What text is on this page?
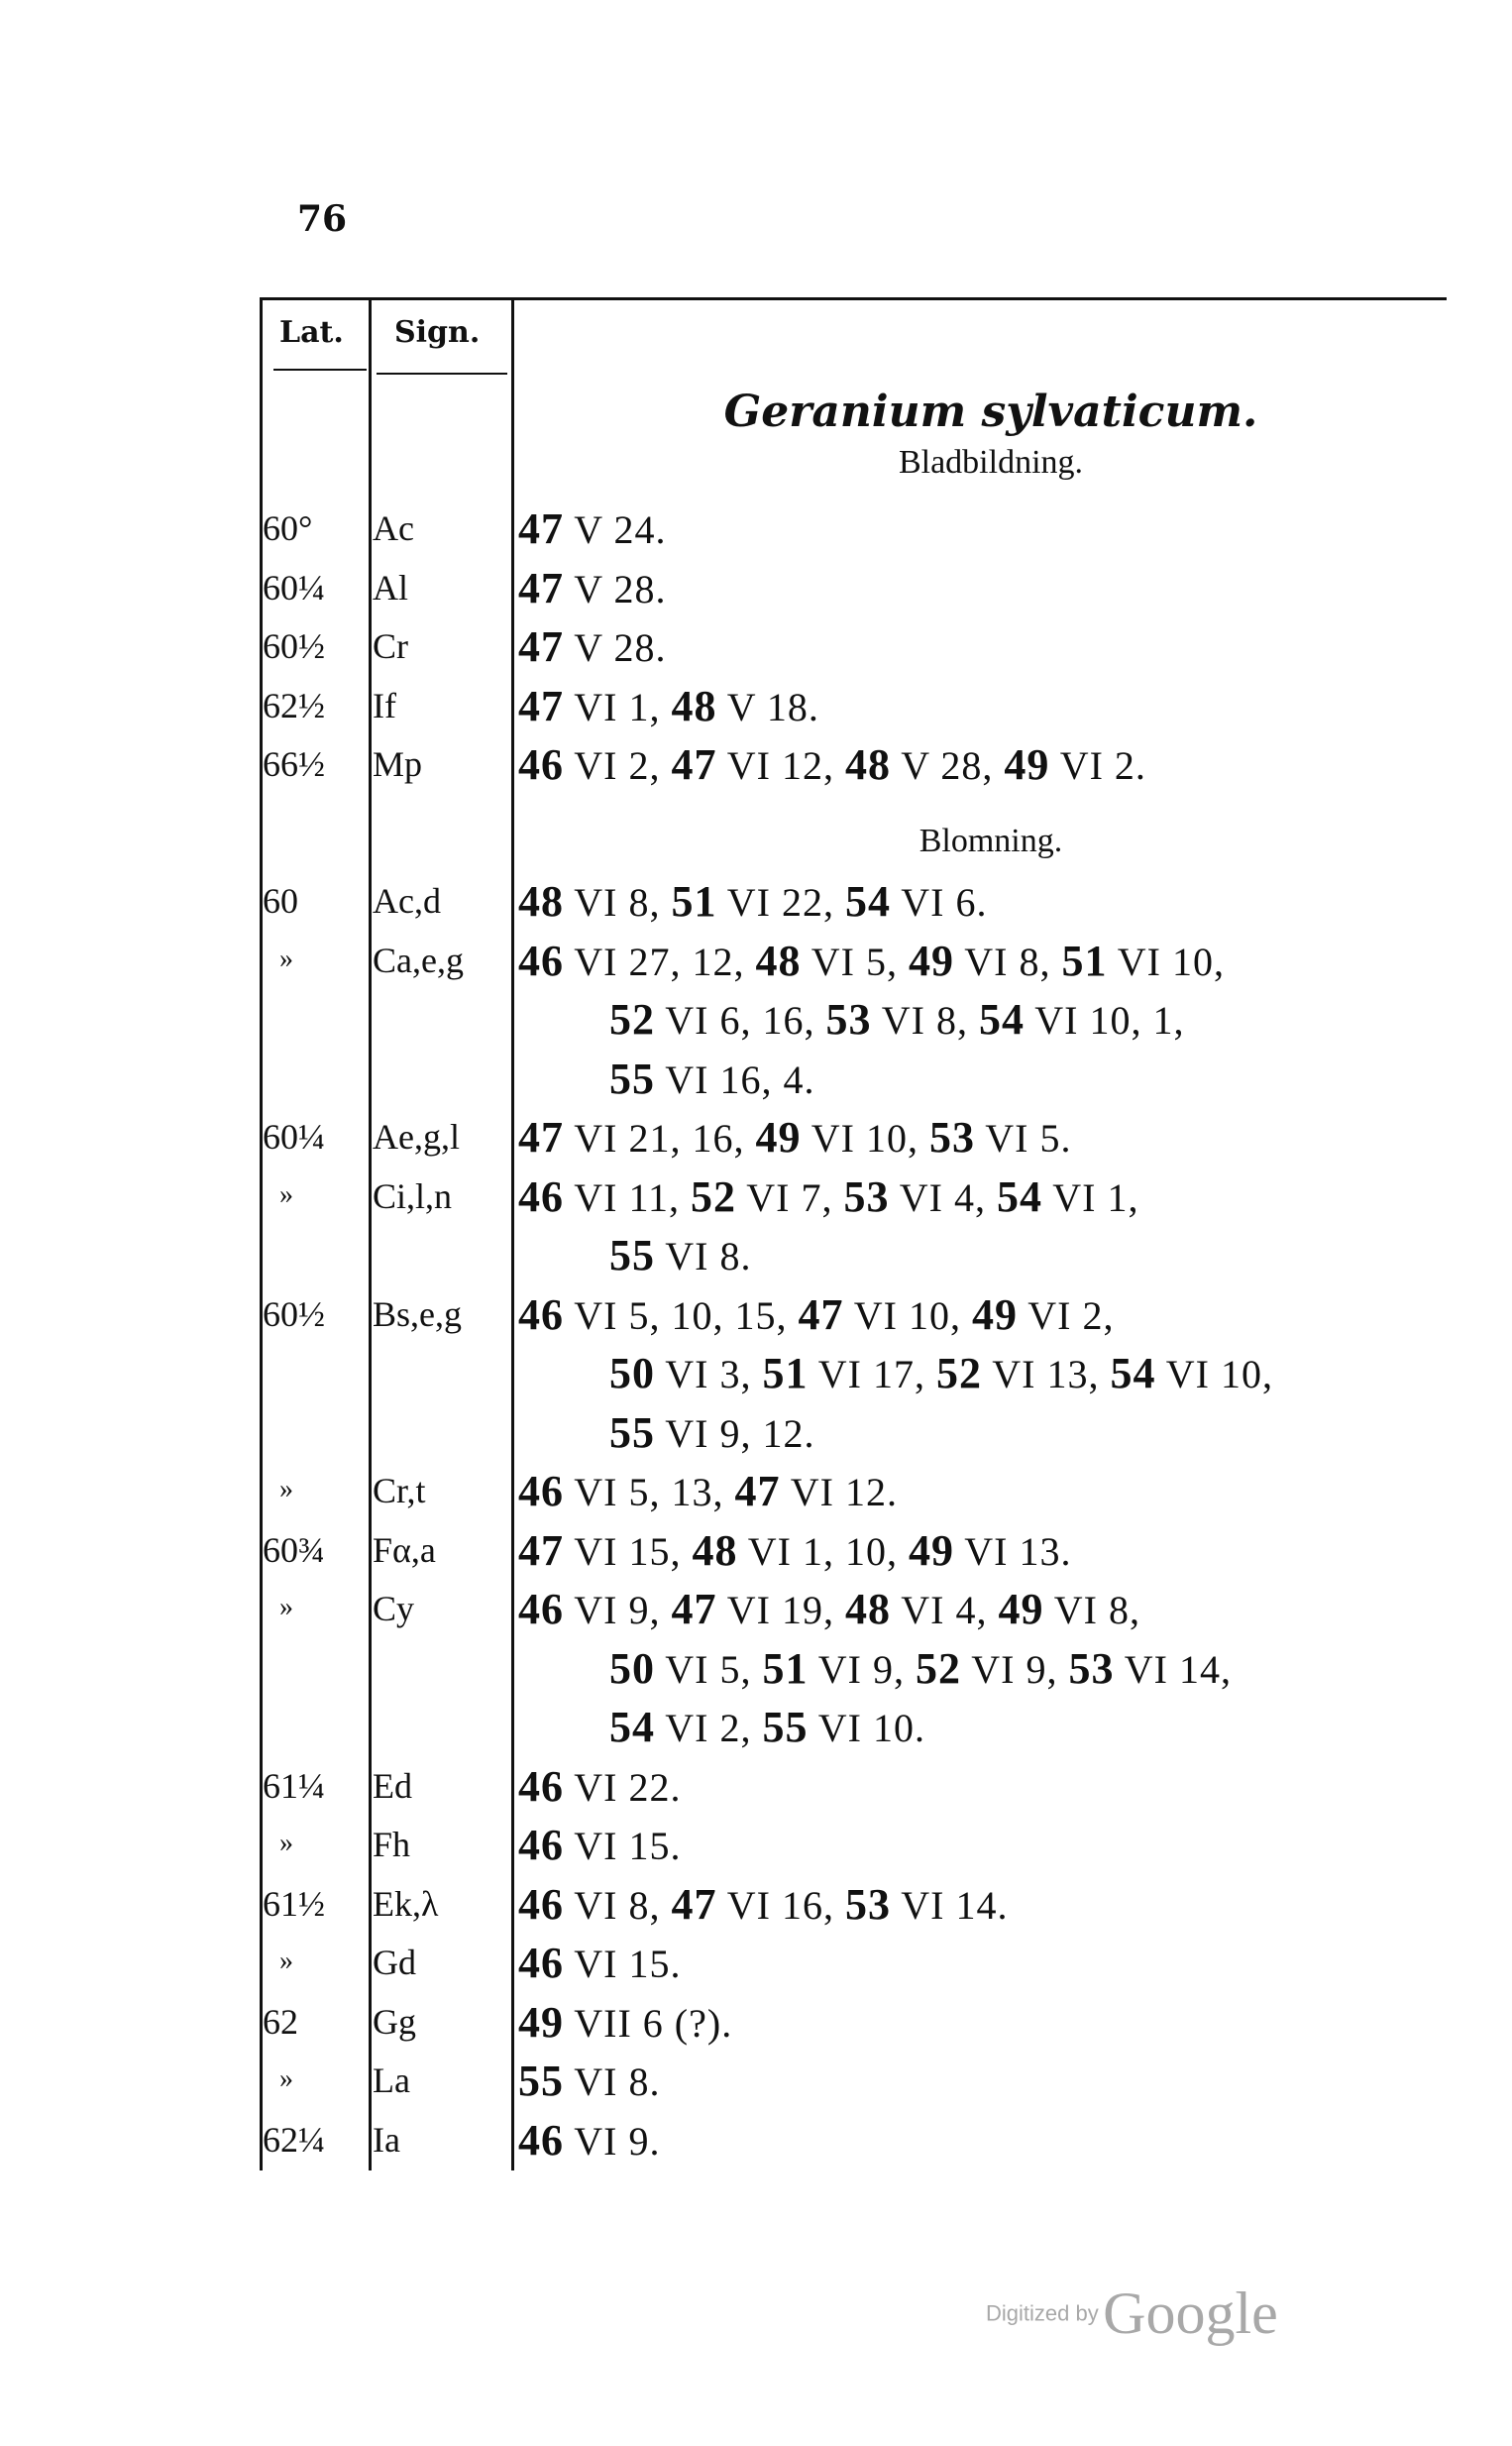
76
Lat. Sign.
Geranium sylvaticum.
Bladbildning.
60° Ac 47 V 24.
60¼ Al	47 V 28.
60½ Cr	47 V 28.
62½ If	47 VI 1, 48 V 18.
66½ Mp 46 VI 2, 47 VI 12, 48 V 28, 49 VI 2.
Blomning.
60 Ac,d 48 VI 8, 51 VI 22, 54 VI 6.
» Ca,e,g 46 VI 27, 12, 48 VI 5, 49 VI 8, 51 VI 10,
52 VI 6, 16, 53 VI 8, 54 VI 10, 1,
55 VI 16, 4.
60¼ Ae,g,l 47 VI 21, 16, 49 VI 10, 53 VI 5.
» Ci,l,n 46 VI 11, 52 VI 7, 53 VI 4, 54 VI 1,
55 VI 8.
60½ Bs,e,g 46 VI 5, 10, 15, 47 VI 10, 49 VI 2,
50 VI 3, 51 VI 17, 52 VI 13, 54 VI 10,
55 VI 9, 12.
» Cr,t 46 VI 5, 13, 47 VI 12.
60¾ Fα,a 47 VI 15, 48 VI 1, 10, 49 VI 13.
» Cy 46 VI 9, 47 VI 19, 48 VI 4, 49 VI 8,
50 VI 5, 51 VI 9, 52 VI 9, 53 VI 14,
54 VI 2, 55 VI 10.
61¼ Ed 46 VI 22.
» Fh 46 VI 15.
61½ Ek,λ 46 VI 8, 47 VI 16, 53 VI 14.
» Gd 46 VI 15.
62 Gg 49 VII 6 (?).
» La 55 VI 8.
62¼ Ia	46 VI 9.
Digitized by Google
